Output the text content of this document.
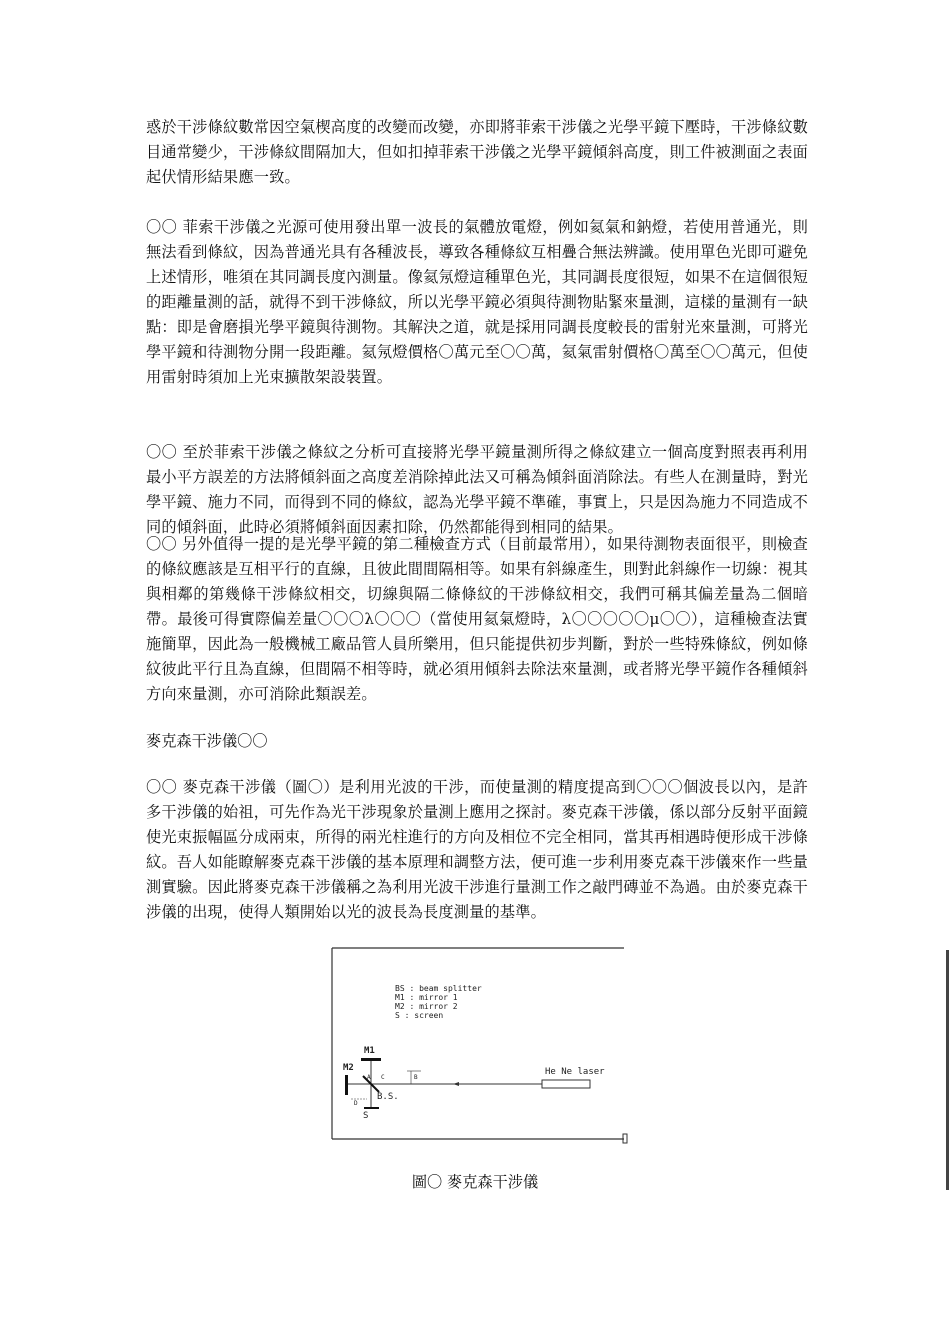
惑於干涉條紋數常因空氣楔高度的改變而改變，亦即將菲索干涉儀之光學平鏡下壓時，干涉條紋數目通常變少，干涉條紋間隔加大，但如扣掉菲索干涉儀之光學平鏡傾斜高度，則工件被測面之表面起伏情形結果應一致。

〇〇 菲索干涉儀之光源可使用發出單一波長的氣體放電燈，例如氦氣和鈉燈，若使用普通光，則無法看到條紋，因為普通光具有各種波長，導致各種條紋互相疊合無法辨識。使用單色光即可避免上述情形，唯須在其同調長度內測量。像氦氖燈這種單色光，其同調長度很短，如果不在這個很短的距離量測的話，就得不到干涉條紋，所以光學平鏡必須與待測物貼緊來量測，這樣的量測有一缺點：即是會磨損光學平鏡與待測物。其解決之道，就是採用同調長度較長的雷射光來量測，可將光學平鏡和待測物分開一段距離。氦氖燈價格〇萬元至〇〇萬，氦氣雷射價格〇萬至〇〇萬元，但使用雷射時須加上光束擴散架設裝置。

〇〇 至於菲索干涉儀之條紋之分析可直接將光學平鏡量測所得之條紋建立一個高度對照表再利用最小平方誤差的方法將傾斜面之高度差消除掉此法又可稱為傾斜面消除法。有些人在測量時，對光學平鏡、施力不同，而得到不同的條紋，認為光學平鏡不準確，事實上，只是因為施力不同造成不同的傾斜面，此時必須將傾斜面因素扣除，仍然都能得到相同的結果。

〇〇 另外值得一提的是光學平鏡的第二種檢查方式（目前最常用），如果待測物表面很平，則檢查的條紋應該是互相平行的直線，且彼此間間隔相等。如果有斜線產生，則對此斜線作一切線：視其與相鄰的第幾條干涉條紋相交，切線與隔二條條紋的干涉條紋相交，我們可稱其偏差量為二個暗帶。最後可得實際偏差量〇〇〇λ〇〇〇（當使用氦氣燈時，λ〇〇〇〇〇μ〇〇），這種檢查法實施簡單，因此為一般機械工廠品管人員所樂用，但只能提供初步判斷，對於一些特殊條紋，例如條紋彼此平行且為直線，但間隔不相等時，就必須用傾斜去除法來量測，或者將光學平鏡作各種傾斜方向來量測，亦可消除此類誤差。

麥克森干涉儀〇〇

〇〇 麥克森干涉儀（圖〇）是利用光波的干涉，而使量測的精度提高到〇〇〇個波長以內，是許多干涉儀的始祖，可先作為光干涉現象於量測上應用之探討。麥克森干涉儀，係以部分反射平面鏡使光束振幅區分成兩束，所得的兩光柱進行的方向及相位不完全相同，當其再相遇時便形成干涉條紋。吾人如能瞭解麥克森干涉儀的基本原理和調整方法，便可進一步利用麥克森干涉儀來作一些量測實驗。因此將麥克森干涉儀稱之為利用光波干涉進行量測工作之敲門磚並不為過。由於麥克森干涉儀的出現，使得人類開始以光的波長為長度測量的基準。

BS : beam splitter
M1 : mirror 1
M2 : mirror 2
S : screen
He Ne laser
M2
M1
B.S.
S
A C
D
B
圖〇 麥克森干涉儀
